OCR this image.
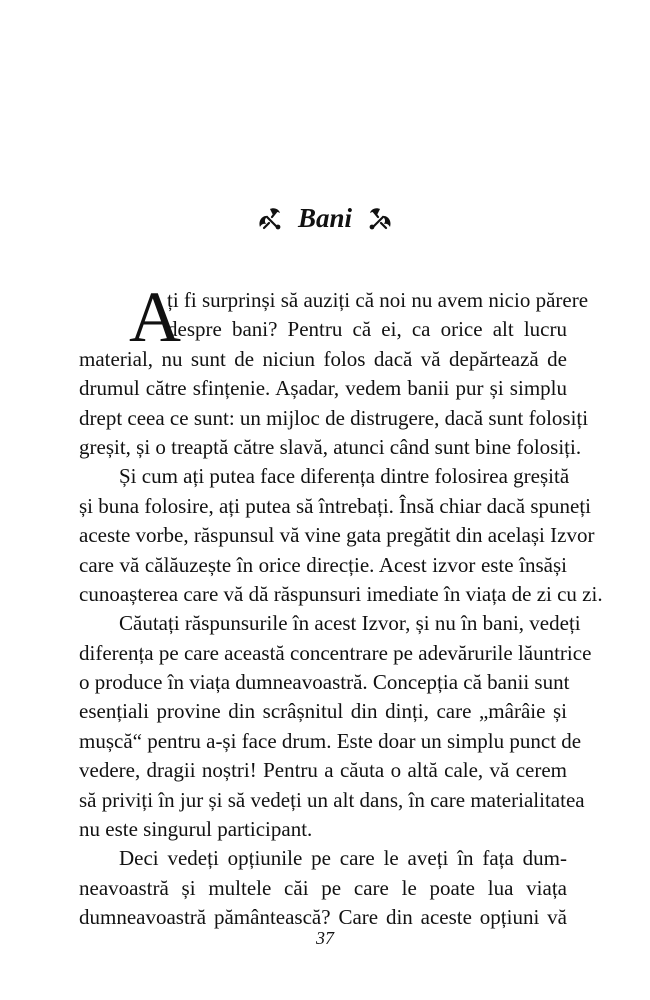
Bani
A
ți fi surprinși să auziți că noi nu avem nicio părere
despre bani? Pentru că ei, ca orice alt lucru
material, nu sunt de niciun folos dacă vă depărtează de
drumul către sfințenie. Așadar, vedem banii pur și simplu
drept ceea ce sunt: un mijloc de distrugere, dacă sunt folosiți
greșit, și o treaptă către slavă, atunci când sunt bine folosiți.
Și cum ați putea face diferența dintre folosirea greșită
și buna folosire, ați putea să întrebați. Însă chiar dacă spuneți
aceste vorbe, răspunsul vă vine gata pregătit din același Izvor
care vă călăuzește în orice direcție. Acest izvor este însăși
cunoașterea care vă dă răspunsuri imediate în viața de zi cu zi.
Căutați răspunsurile în acest Izvor, și nu în bani, vedeți
diferența pe care această concentrare pe adevărurile lăuntrice
o produce în viața dumneavoastră. Concepția că banii sunt
esențiali provine din scrâșnitul din dinți, care „mârâie și
mușcă“ pentru a-și face drum. Este doar un simplu punct de
vedere, dragii noștri! Pentru a căuta o altă cale, vă cerem
să priviți în jur și să vedeți un alt dans, în care materialitatea
nu este singurul participant.
Deci vedeți opțiunile pe care le aveți în fața dum-
neavoastră și multele căi pe care le poate lua viața
dumneavoastră pământească? Care din aceste opțiuni vă
37
